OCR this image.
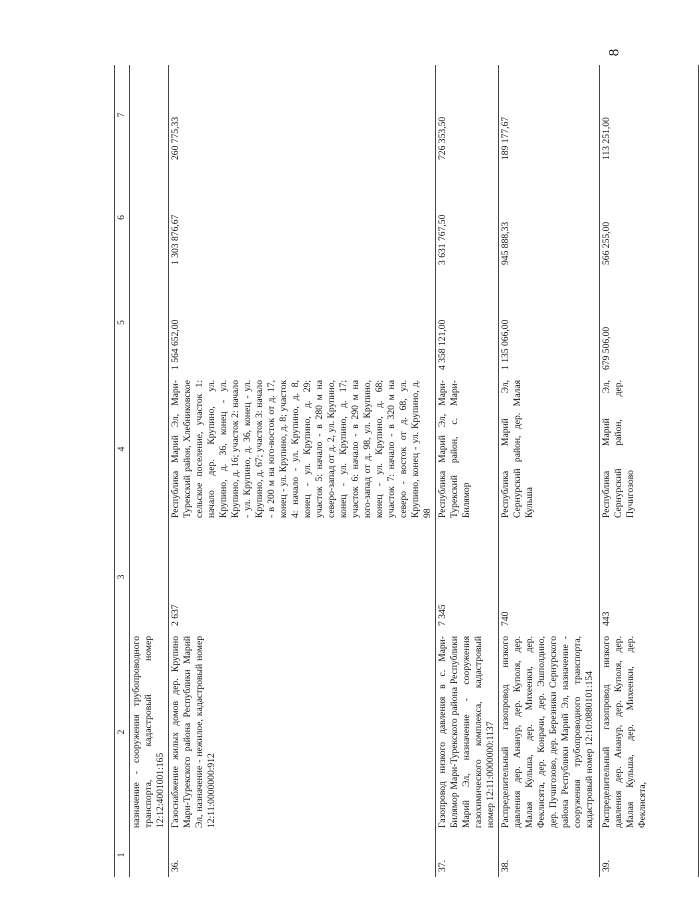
8
1	2	3	4	5	6	7
	назначение - сооружения трубопроводного транспорта, кадастровый номер 12:12:4001001:165					
36.	Газоснабжение жилых домов дер. Крупино Мари-Турекского района Республики Марий Эл, назначение - нежилое, кадастровый номер 12:11:0000000:912	2 637	Республика Марий Эл, Мари-Турекский район, Хлебниковское сельское поселение, участок 1: начало дер. Крупино, ул. Крупино, д. 36, конец - ул. Крупино, д. 16; участок 2: начало - ул. Крупино, д. 36, конец - ул. Крупино, д. 67; участок 3: начало - в 200 м на юго-восток от д. 17, конец - ул. Крупино, д. 8; участок 4: начало - ул. Крупино, д. 8, конец - ул. Крупино, д. 29; участок 5: начало - в 280 м на северо-запад от д. 2, ул. Крупино, конец - ул. Крупино, д. 17; участок 6: начало - в 290 м на юго-запад от д. 98, ул. Крупино, конец - ул. Крупино, д. 68; участок 7: начало - в 320 м на северо - восток от д. 68, ул. Крупино, конец - ул. Крупино, д. 98	1 564 652,00	1 303 876,67	260 775,33
37.	Газопровод низкого давления в с. Мари-Билямор Мари-Турекского района Республики Марий Эл, назначение - сооружения газохимического комплекса, кадастровый номер 12:11:0000000:1137	7 345	Республика Марий Эл, Мари-Турекский район, с. Мари-Билямор	4 358 121,00	3 631 767,50	726 353,50
38.	Распределительный газопровод низкого давления дер. Ананур, дер. Куполя, дер. Малая Кульша, дер. Михеенки, дер. Феклисята, дер. Конрачи, дер. Эшполдино, дер. Пучигозово, дер. Березники Сернурского района Республики Марий Эл, назначение - сооружения трубопроводного транспорта, кадастровый номер 12:10:0880101:154	740	Республика Марий Эл, Сернурский район, дер. Малая Кульша	1 135 066,00	945 888,33	189 177,67
39.	Распределительный газопровод низкого давления дер. Ананур, дер. Куполя, дер. Малая Кульша, дер. Михеенки, дер. Феклисята,	443	Республика Марий Эл, Сернурский район, дер. Пучигозово	679 506,00	566 255,00	113 251,00
